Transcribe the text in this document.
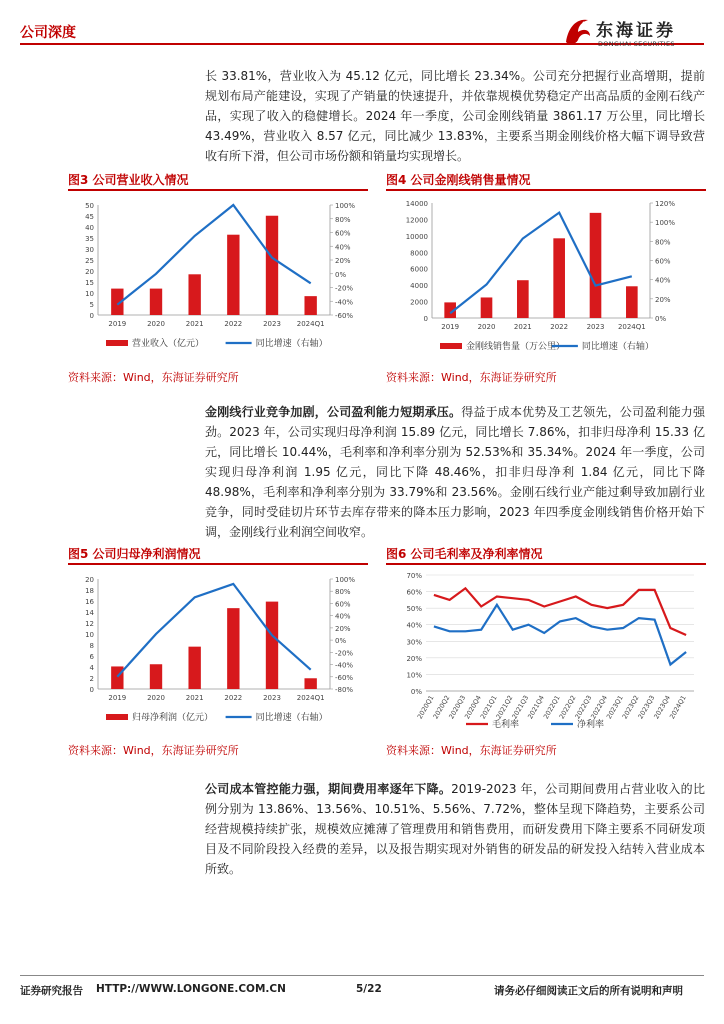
公司深度	东海证券
DONGHAI SECURITIES

长 33.81%，营业收入为 45.12 亿元，同比增长 23.34%。公司充分把握行业高增期，提前规划布局产能建设，实现了产销量的快速提升，并依靠规模优势稳定产出高品质的金刚石线产品，实现了收入的稳健增长。2024 年一季度，公司金刚线销量 3861.17 万公里，同比增长 43.49%，营业收入 8.57 亿元，同比减少 13.83%，主要系当期金刚线价格大幅下调导致营收有所下滑，但公司市场份额和销量均实现增长。

图3 公司营业收入情况
0
5
10
15
20
25
30
35
40
45
50
-60%
-40%
-20%
0%
20%
40%
60%
80%
100%
2019	2020	2021	2022	2023 2024Q1
营业收入（亿元）	同比增速（右轴）
资料来源：Wind，东海证券研究所
图4 公司金刚线销售量情况
0
2000
4000
6000
8000
10000
12000
14000
0%
20%
40%
60%
80%
100%
120%
2019	2020	2021	2022	2023 2024Q1
金刚线销售量（万公里） 同比增速（右轴）
资料来源：Wind，东海证券研究所

金刚线行业竞争加剧，公司盈利能力短期承压。得益于成本优势及工艺领先，公司盈利能力强劲。2023 年，公司实现归母净利润 15.89 亿元，同比增长 7.86%，扣非归母净利 15.33 亿元，同比增长 10.44%，毛利率和净利率分别为 52.53%和 35.34%。2024 年一季度，公司实现归母净利润 1.95 亿元，同比下降 48.46%，扣非归母净利 1.84 亿元，同比下降 48.98%，毛利率和净利率分别为 33.79%和 23.56%。金刚石线行业产能过剩导致加剧行业竞争，同时受硅切片环节去库存带来的降本压力影响，2023 年四季度金刚线销售价格开始下调，金刚线行业利润空间收窄。

图5 公司归母净利润情况
0
2
4
6
8
10
12
14
16
18
20
-80%
-60%
-40%
-20%
0%
20%
40%
60%
80%
100%
2019	2020	2021	2022	2023 2024Q1
归母净利润（亿元）	同比增速（右轴）
资料来源：Wind，东海证券研究所
图6 公司毛利率及净利率情况
0%
10%
20%
30%
40%
50%
60%
70%
2020Q1
2020Q2
2020Q3
2020Q4
2021Q1
2021Q2
2021Q3
2021Q4
2022Q1
2022Q2
2022Q3
2022Q4
2023Q1
2023Q2
2023Q3
2023Q4
2024Q1
毛利率	净利率
资料来源：Wind，东海证券研究所

公司成本管控能力强，期间费用率逐年下降。2019-2023 年，公司期间费用占营业收入的比例分别为 13.86%、13.56%、10.51%、5.56%、7.72%，整体呈现下降趋势，主要系公司经营规模持续扩张，规模效应摊薄了管理费用和销售费用，而研发费用下降主要系不同研发项目及不同阶段投入经费的差异，以及报告期实现对外销售的研发品的研发投入结转入营业成本所致。

证券研究报告 HTTP://WWW.LONGONE.COM.CN	5/22	请务必仔细阅读正文后的所有说明和声明
